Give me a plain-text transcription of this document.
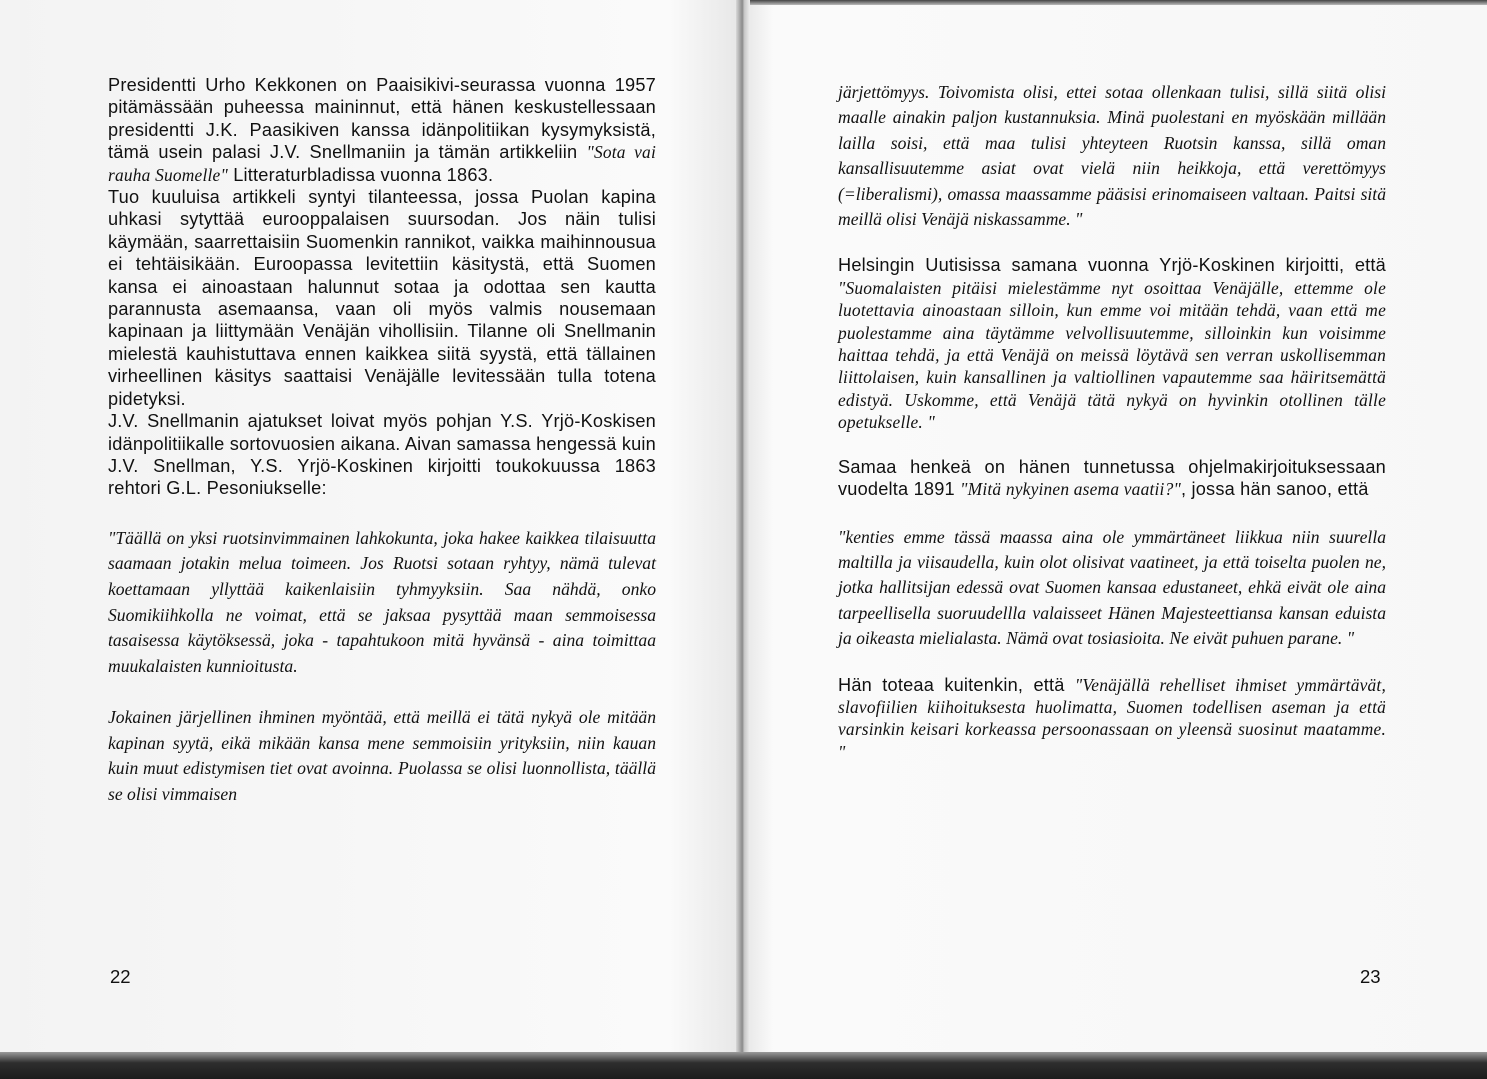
Presidentti Urho Kekkonen on Paaisikivi-seurassa vuonna 1957 pitämässään puheessa maininnut, että hänen keskustellessaan presidentti J.K. Paasikiven kanssa idänpolitiikan kysymyksistä, tämä usein palasi J.V. Snellmaniin ja tämän artikkeliin "Sota vai rauha Suomelle" Litteraturbladissa vuonna 1863.

Tuo kuuluisa artikkeli syntyi tilanteessa, jossa Puolan kapina uhkasi sytyttää eurooppalaisen suursodan. Jos näin tulisi käymään, saarrettaisiin Suomenkin rannikot, vaikka maihinnousua ei tehtäisikään. Euroopassa levitettiin käsitystä, että Suomen kansa ei ainoastaan halunnut sotaa ja odottaa sen kautta parannusta asemaansa, vaan oli myös valmis nousemaan kapinaan ja liittymään Venäjän vihollisiin. Tilanne oli Snellmanin mielestä kauhistuttava ennen kaikkea siitä syystä, että tällainen virheellinen käsitys saattaisi Venäjälle levitessään tulla totena pidetyksi.

J.V. Snellmanin ajatukset loivat myös pohjan Y.S. Yrjö-Koskisen idänpolitiikalle sortovuosien aikana. Aivan samassa hengessä kuin J.V. Snellman, Y.S. Yrjö-Koskinen kirjoitti toukokuussa 1863 rehtori G.L. Pesoniukselle:

"Täällä on yksi ruotsinvimmainen lahkokunta, joka hakee kaikkea tilaisuutta saamaan jotakin melua toimeen. Jos Ruotsi sotaan ryhtyy, nämä tulevat koettamaan yllyttää kaikenlaisiin tyhmyyksiin. Saa nähdä, onko Suomikiihkolla ne voimat, että se jaksaa pysyttää maan semmoisessa tasaisessa käytöksessä, joka - tapahtukoon mitä hyvänsä - aina toimittaa muukalaisten kunnioitusta.

Jokainen järjellinen ihminen myöntää, että meillä ei tätä nykyä ole mitään kapinan syytä, eikä mikään kansa mene semmoisiin yrityksiin, niin kauan kuin muut edistymisen tiet ovat avoinna. Puolassa se olisi luonnollista, täällä se olisi vimmaisen

22

järjettömyys. Toivomista olisi, ettei sotaa ollenkaan tulisi, sillä siitä olisi maalle ainakin paljon kustannuksia. Minä puolestani en myöskään millään lailla soisi, että maa tulisi yhteyteen Ruotsin kanssa, sillä oman kansallisuutemme asiat ovat vielä niin heikkoja, että verettömyys (=liberalismi), omassa maassamme pääsisi erinomaiseen valtaan. Paitsi sitä meillä olisi Venäjä niskassamme. "

Helsingin Uutisissa samana vuonna Yrjö-Koskinen kirjoitti, että "Suomalaisten pitäisi mielestämme nyt osoittaa Venäjälle, ettemme ole luotettavia ainoastaan silloin, kun emme voi mitään tehdä, vaan että me puolestamme aina täytämme velvollisuutemme, silloinkin kun voisimme haittaa tehdä, ja että Venäjä on meissä löytävä sen verran uskollisemman liittolaisen, kuin kansallinen ja valtiollinen vapautemme saa häiritsemättä edistyä. Uskomme, että Venäjä tätä nykyä on hyvinkin otollinen tälle opetukselle. "

Samaa henkeä on hänen tunnetussa ohjelmakirjoituksessaan vuodelta 1891 "Mitä nykyinen asema vaatii?", jossa hän sanoo, että

"kenties emme tässä maassa aina ole ymmärtäneet liikkua niin suurella maltilla ja viisaudella, kuin olot olisivat vaatineet, ja että toiselta puolen ne, jotka hallitsijan edessä ovat Suomen kansaa edustaneet, ehkä eivät ole aina tarpeellisella suoruudellla valaisseet Hänen Majesteettiansa kansan eduista ja oikeasta mielialasta. Nämä ovat tosiasioita. Ne eivät puhuen parane. "

Hän toteaa kuitenkin, että "Venäjällä rehelliset ihmiset ymmärtävät, slavofiilien kiihoituksesta huolimatta, Suomen todellisen aseman ja että varsinkin keisari korkeassa persoonassaan on yleensä suosinut maatamme. "

23
